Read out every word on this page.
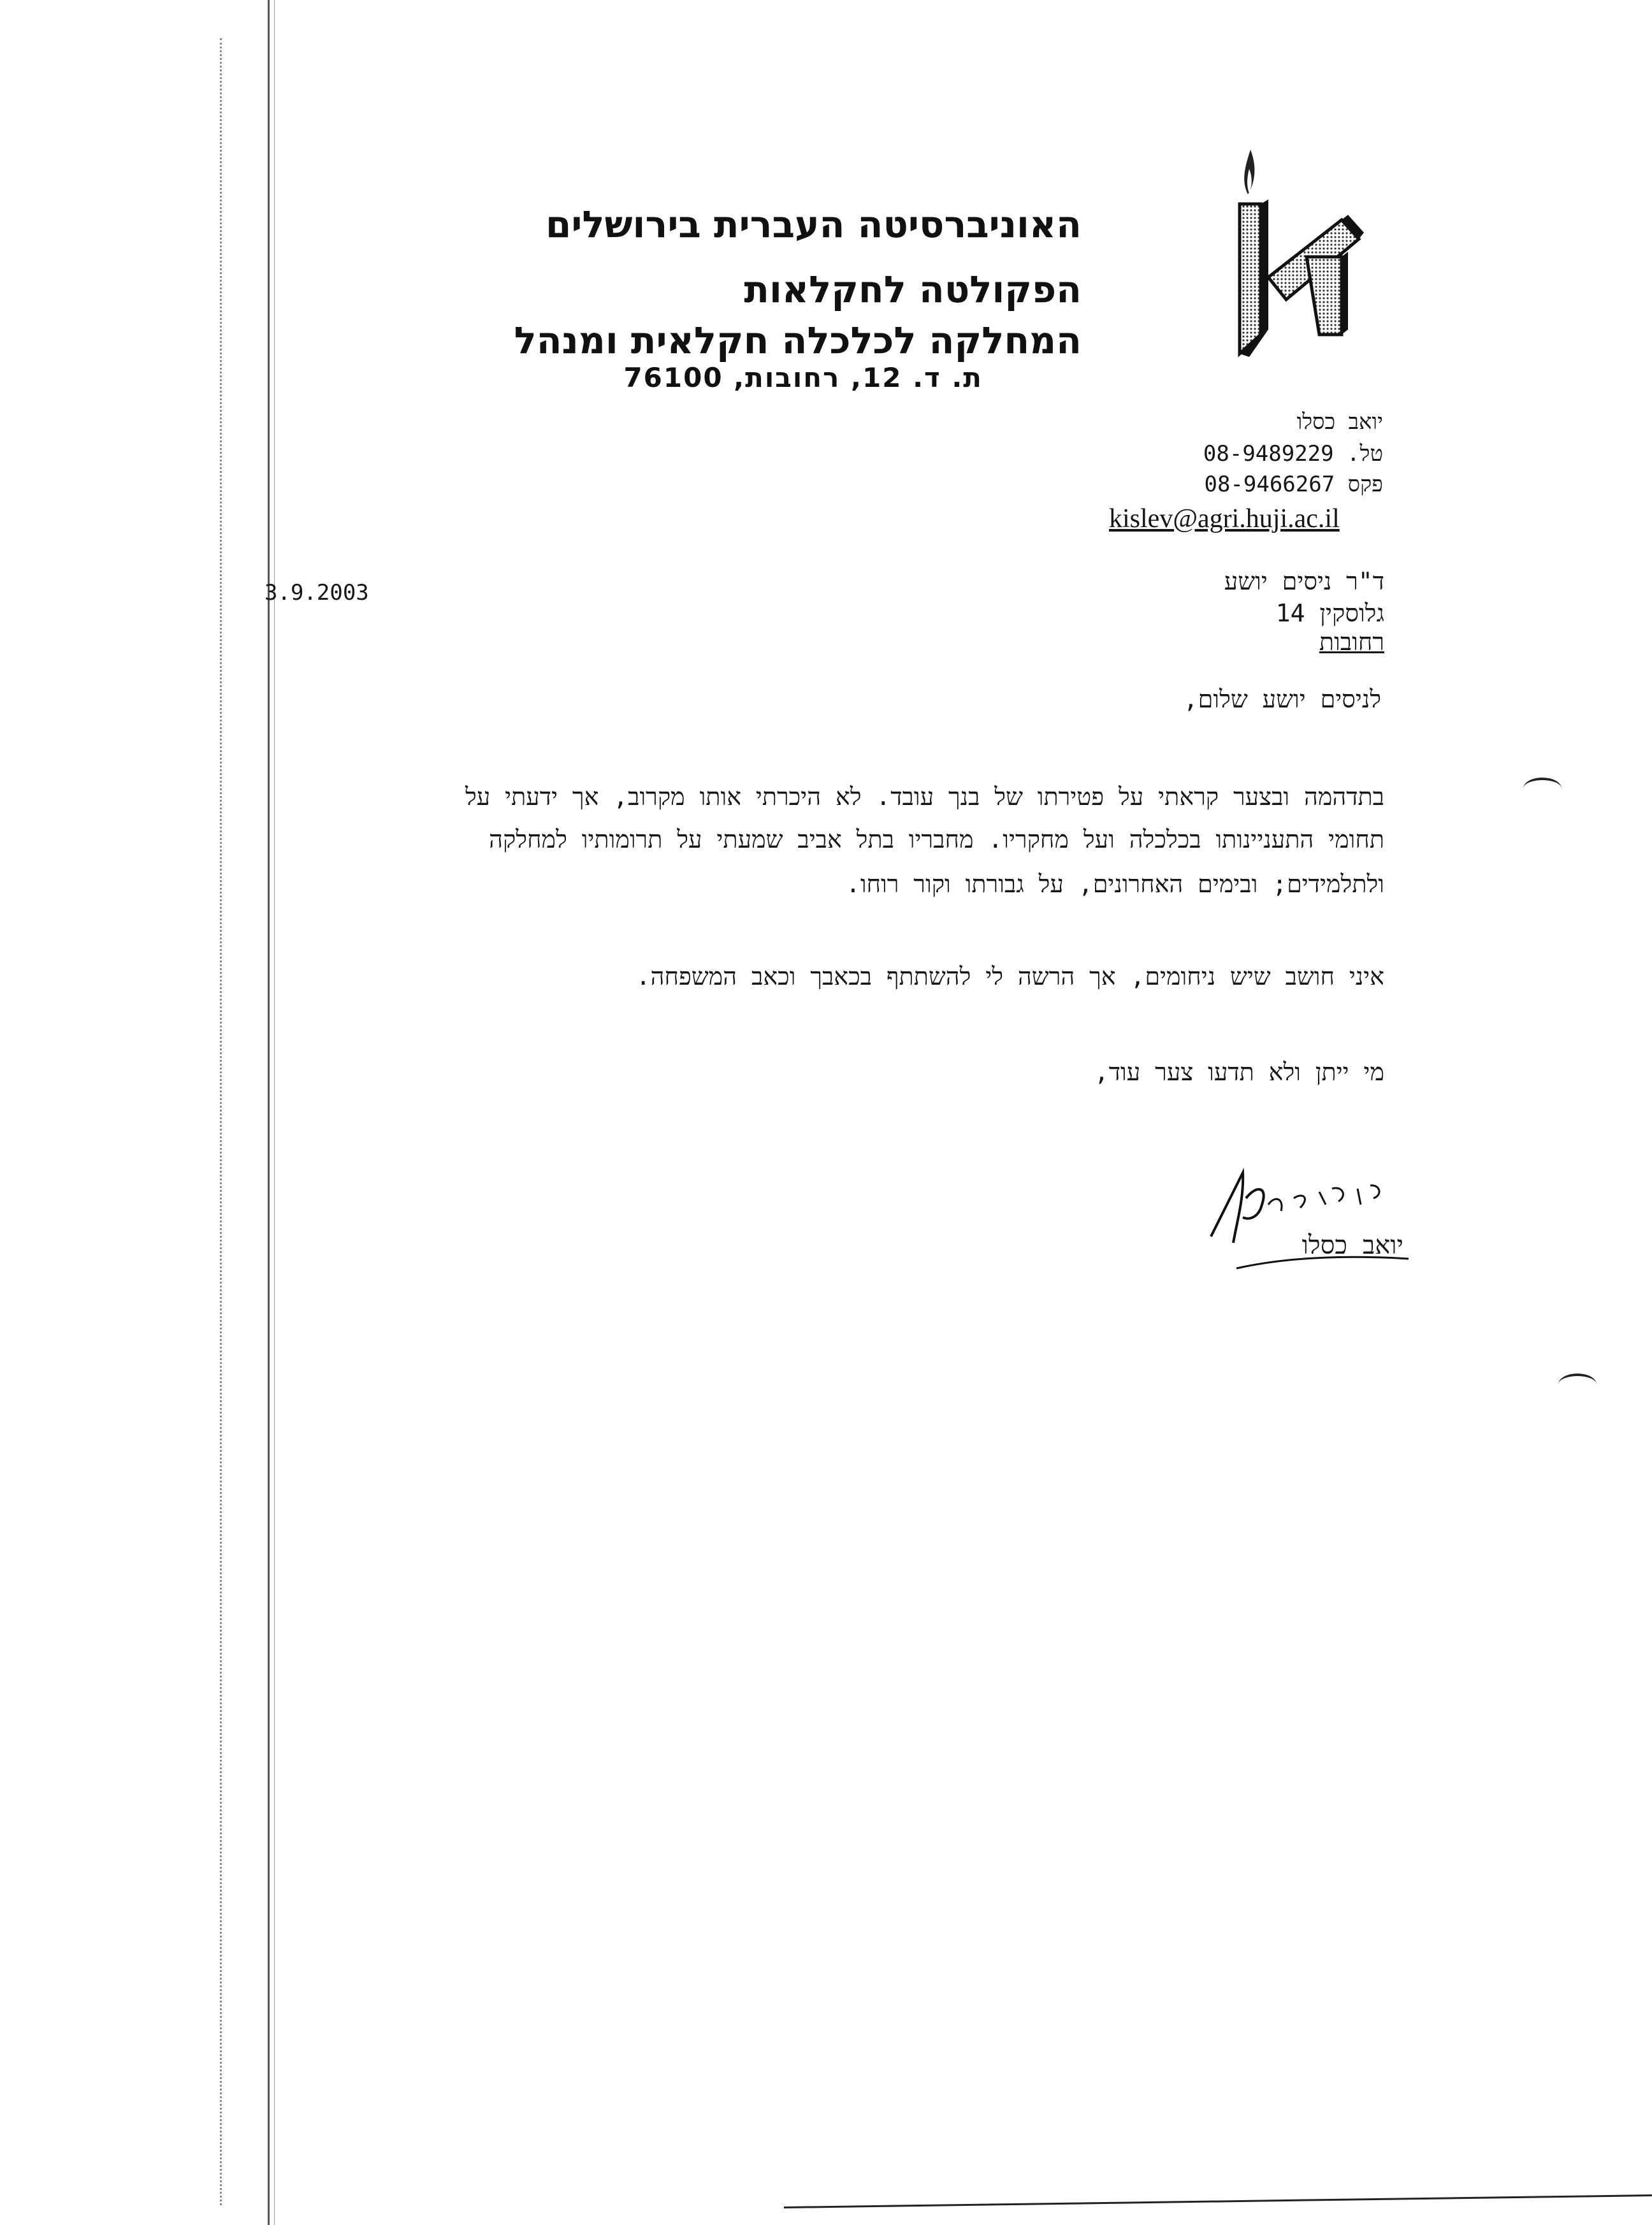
האוניברסיטה העברית בירושלים
הפקולטה לחקלאות
המחלקה לכלכלה חקלאית ומנהל
ת. ד. 12, רחובות, 76100
יואב כסלו
טל. 08-9489229
פקס 08-9466267
kislev@agri.huji.ac.il
3.9.2003	ד"ר ניסים יושע
גלוסקין 14
רחובות
לניסים יושע שלום,
בתדהמה ובצער קראתי על פטירתו של בנך עובד. לא היכרתי אותו מקרוב, אך ידעתי על
תחומי התעניינותו בכלכלה ועל מחקריו. מחבריו בתל אביב שמעתי על תרומותיו למחלקה
ולתלמידים; ובימים האחרונים, על גבורתו וקור רוחו.
איני חושב שיש ניחומים, אך הרשה לי להשתתף בכאבך וכאב המשפחה.
מי ייתן ולא תדעו צער עוד,
יואב כסלו
